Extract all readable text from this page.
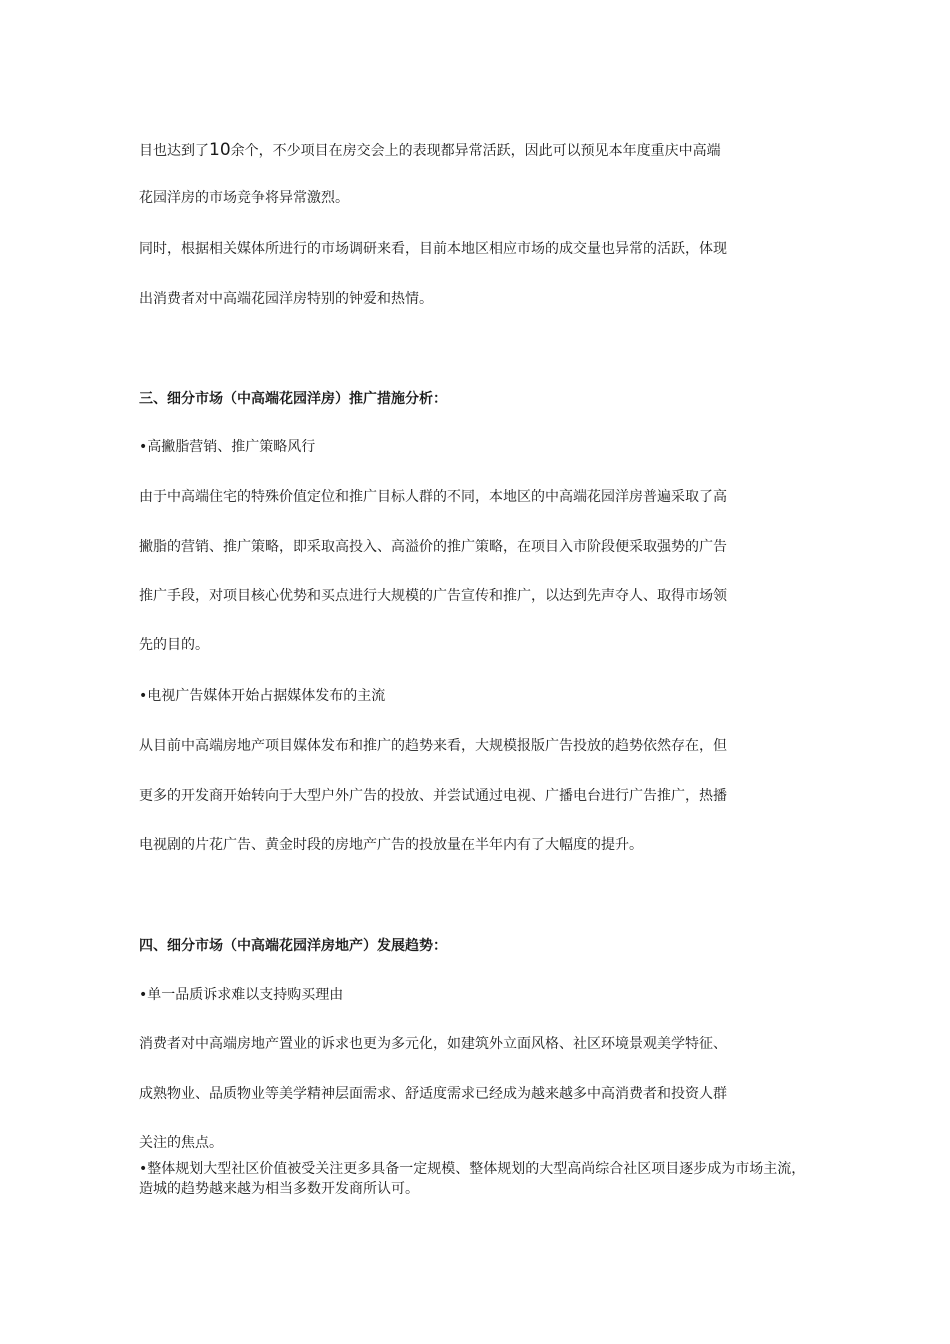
目也达到了10余个，不少项目在房交会上的表现都异常活跃，因此可以预见本年度重庆中高端
花园洋房的市场竞争将异常激烈。
同时，根据相关媒体所进行的市场调研来看，目前本地区相应市场的成交量也异常的活跃，体现
出消费者对中高端花园洋房特别的钟爱和热情。
三、细分市场（中高端花园洋房）推广措施分析：
•高撇脂营销、推广策略风行
由于中高端住宅的特殊价值定位和推广目标人群的不同，本地区的中高端花园洋房普遍采取了高
撇脂的营销、推广策略，即采取高投入、高溢价的推广策略，在项目入市阶段便采取强势的广告
推广手段，对项目核心优势和买点进行大规模的广告宣传和推广，以达到先声夺人、取得市场领
先的目的。
•电视广告媒体开始占据媒体发布的主流
从目前中高端房地产项目媒体发布和推广的趋势来看，大规模报版广告投放的趋势依然存在，但
更多的开发商开始转向于大型户外广告的投放、并尝试通过电视、广播电台进行广告推广，热播
电视剧的片花广告、黄金时段的房地产广告的投放量在半年内有了大幅度的提升。
四、细分市场（中高端花园洋房地产）发展趋势：
•单一品质诉求难以支持购买理由
消费者对中高端房地产置业的诉求也更为多元化，如建筑外立面风格、社区环境景观美学特征、
成熟物业、品质物业等美学精神层面需求、舒适度需求已经成为越来越多中高消费者和投资人群
关注的焦点。
•整体规划大型社区价值被受关注更多具备一定规模、整体规划的大型高尚综合社区项目逐步成为市场主流，造城的趋势越来越为相当多数开发商所认可。
